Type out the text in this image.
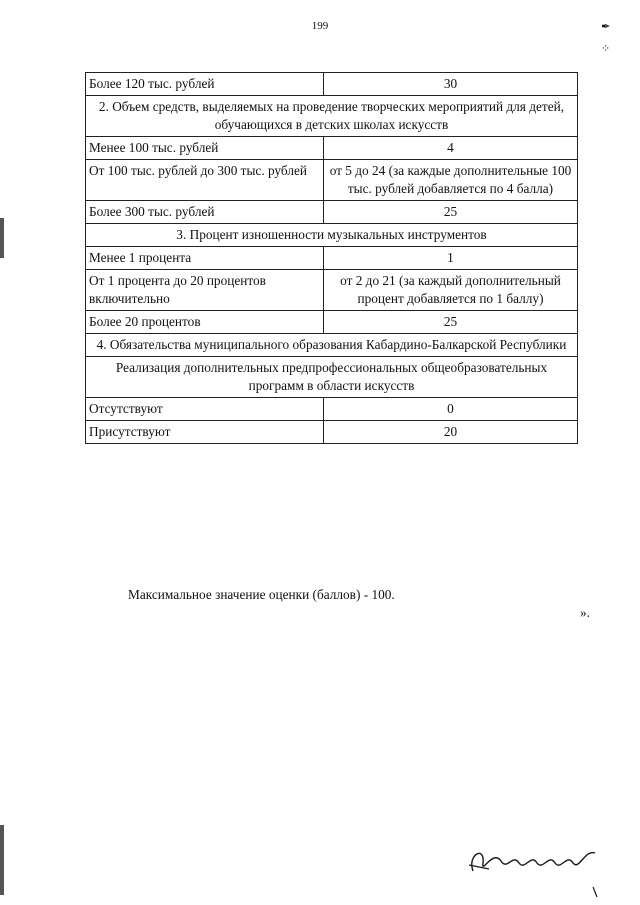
199	✒

⁘
Более 120 тыс. рублей	30
2. Объем средств, выделяемых на проведение творческих мероприятий для детей, обучающихся в детских школах искусств	
Менее 100 тыс. рублей	4
От 100 тыс. рублей до 300 тыс. рублей	от 5 до 24 (за каждые дополнительные 100 тыс. рублей добавляется по 4 балла)
Более 300 тыс. рублей	25
3. Процент изношенности музыкальных инструментов	
Менее 1 процента	1
От 1 процента до 20 процентов включительно	от 2 до 21 (за каждый дополнительный процент добавляется по 1 баллу)
Более 20 процентов	25
4. Обязательства муниципального образования Кабардино-Балкарской Республики	
Реализация дополнительных предпрофессиональных общеобразовательных программ в области искусств	
Отсутствуют	0
Присутствуют	20
Максимальное значение оценки (баллов) - 100.
».
